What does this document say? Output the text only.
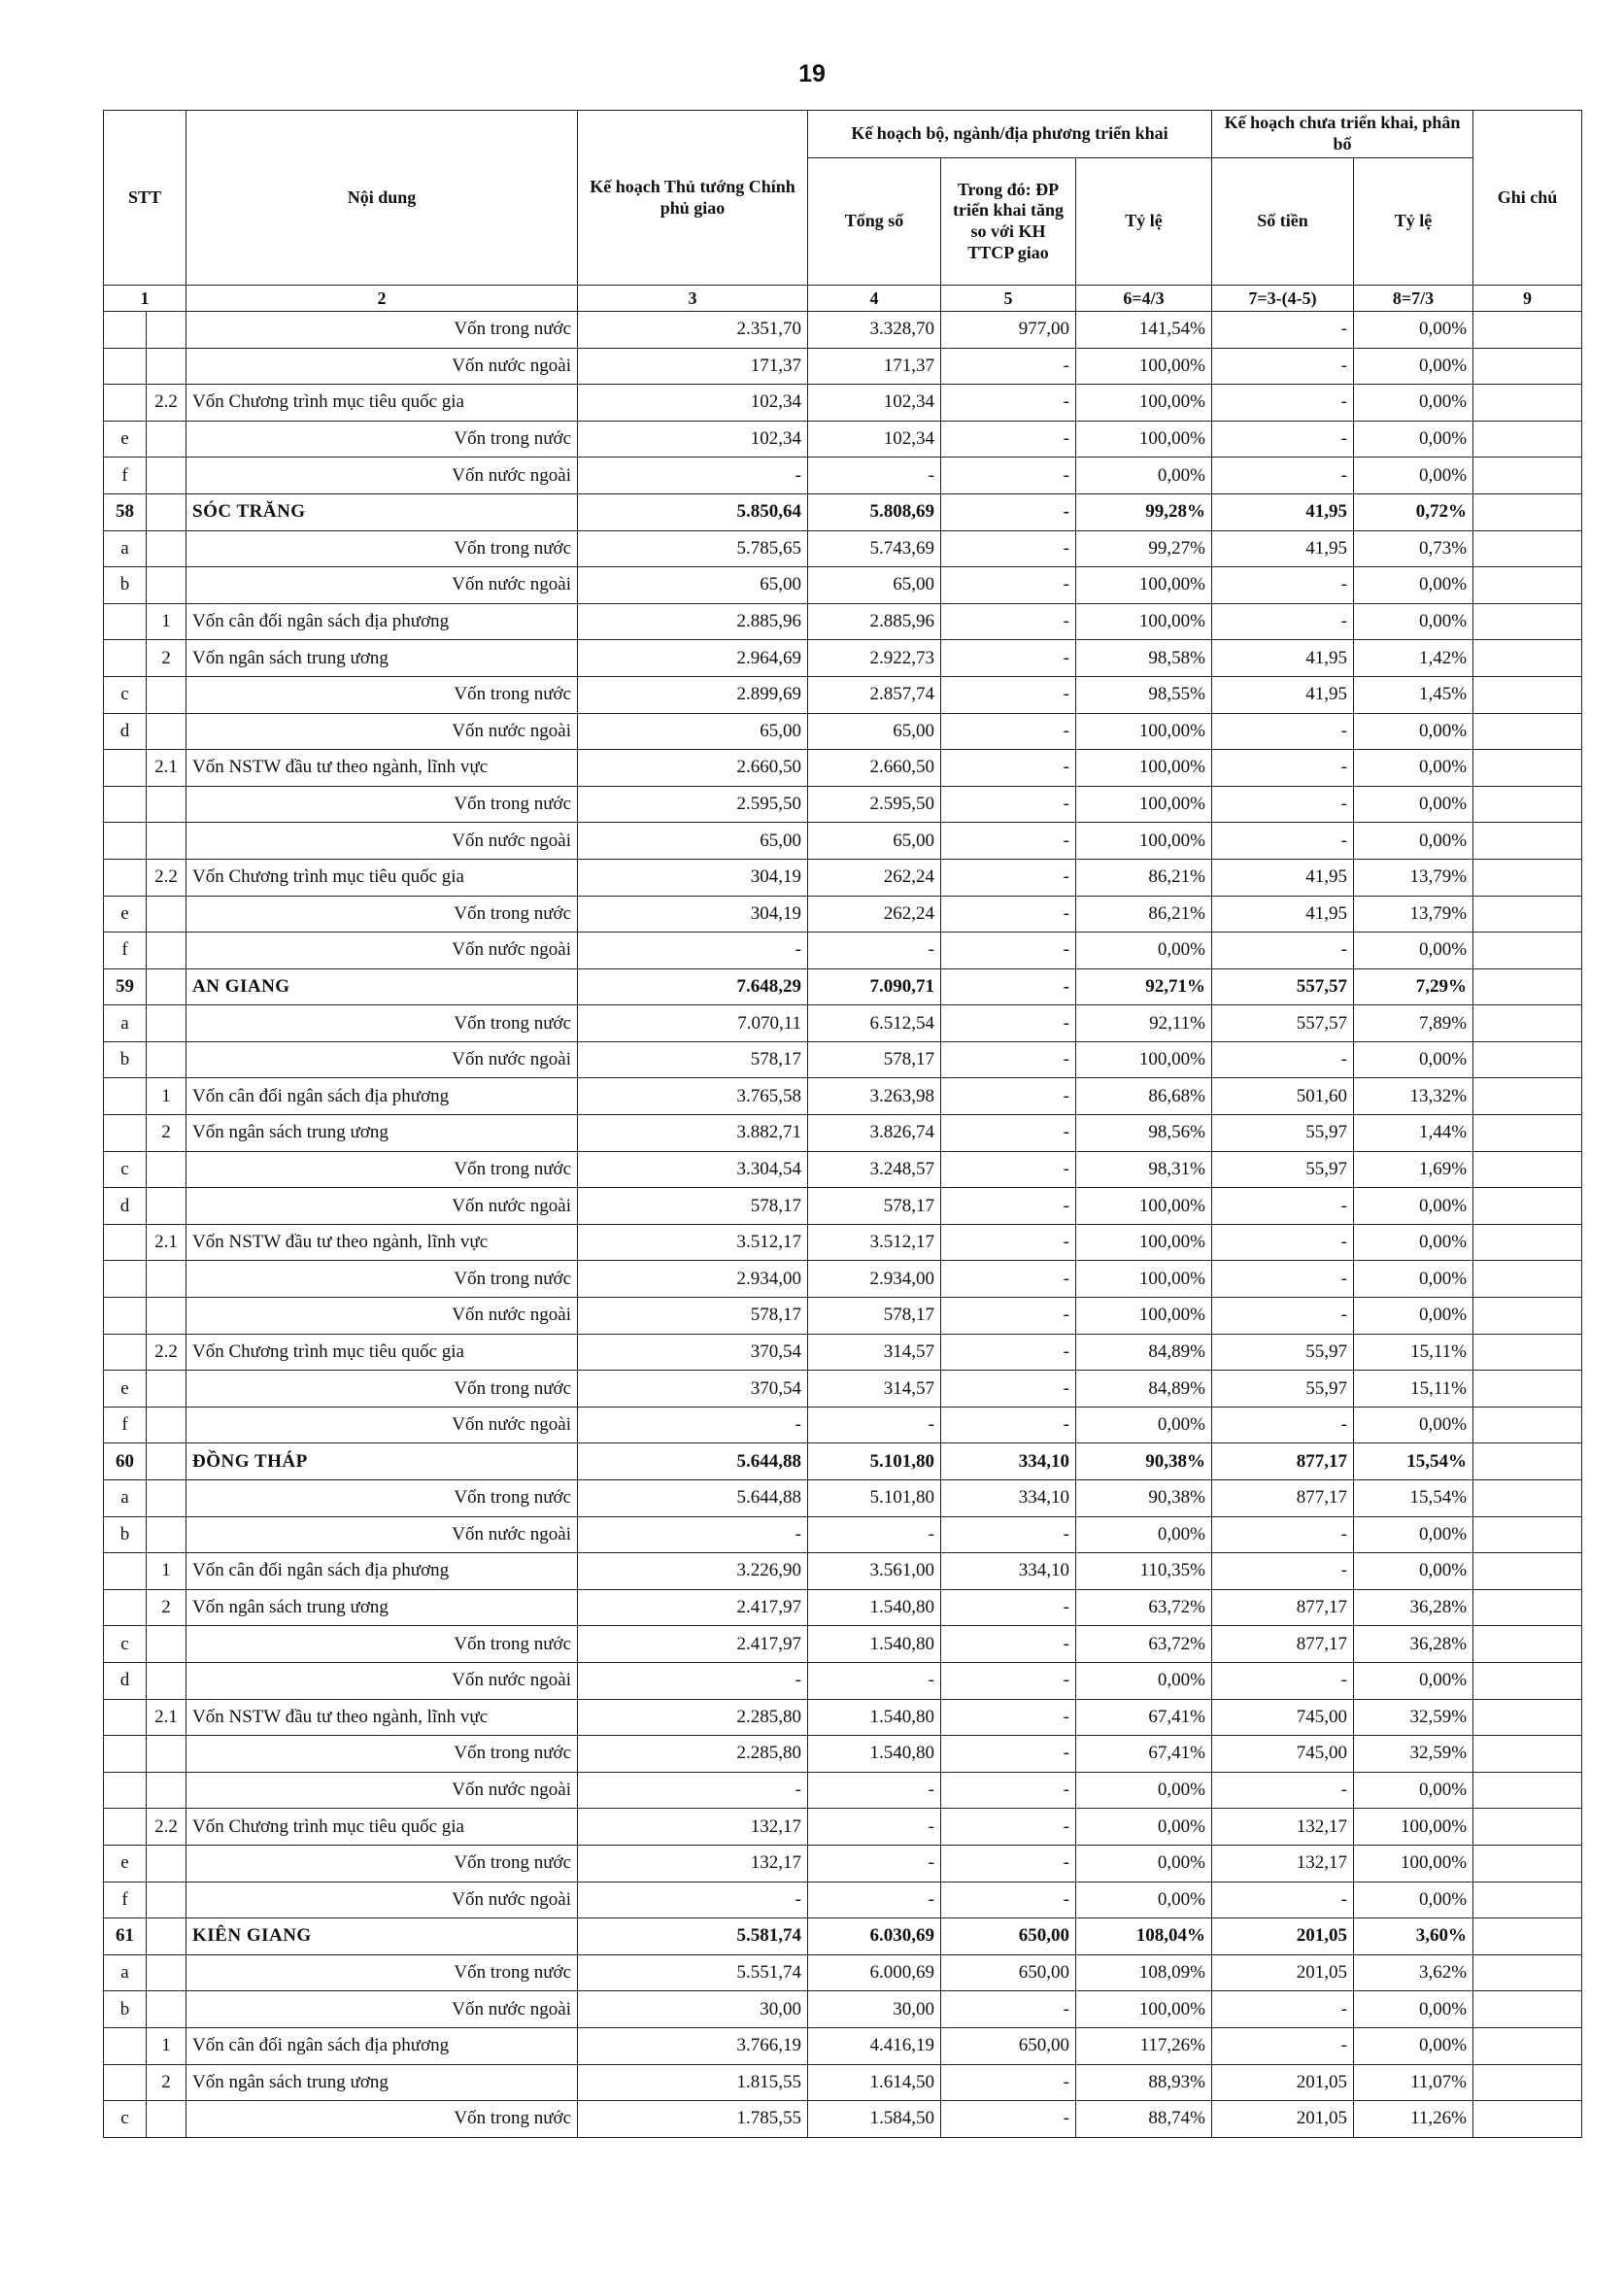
19
STT		Nội dung	Kế hoạch Thủ tướng Chính phủ giao	Kế hoạch bộ, ngành/địa phương triển khai			Kế hoạch chưa triển khai, phân bổ		Ghi chú
				Tổng số	Trong đó: ĐP triển khai tăng so với KH TTCP giao	Tỷ lệ	Số tiền	Tỷ lệ	
1		2	3	4	5	6=4/3	7=3-(4-5)	8=7/3	9
		Vốn trong nước	2.351,70	3.328,70	977,00	141,54%	-	0,00%	
		Vốn nước ngoài	171,37	171,37	-	100,00%	-	0,00%	
	2.2	Vốn Chương trình mục tiêu quốc gia	102,34	102,34	-	100,00%	-	0,00%	
e		Vốn trong nước	102,34	102,34	-	100,00%	-	0,00%	
f		Vốn nước ngoài	-	-	-	0,00%	-	0,00%	
58		SÓC TRĂNG	5.850,64	5.808,69	-	99,28%	41,95	0,72%	
a		Vốn trong nước	5.785,65	5.743,69	-	99,27%	41,95	0,73%	
b		Vốn nước ngoài	65,00	65,00	-	100,00%	-	0,00%	
	1	Vốn cân đối ngân sách địa phương	2.885,96	2.885,96	-	100,00%	-	0,00%	
	2	Vốn ngân sách trung ương	2.964,69	2.922,73	-	98,58%	41,95	1,42%	
c		Vốn trong nước	2.899,69	2.857,74	-	98,55%	41,95	1,45%	
d		Vốn nước ngoài	65,00	65,00	-	100,00%	-	0,00%	
	2.1	Vốn NSTW đầu tư theo ngành, lĩnh vực	2.660,50	2.660,50	-	100,00%	-	0,00%	
		Vốn trong nước	2.595,50	2.595,50	-	100,00%	-	0,00%	
		Vốn nước ngoài	65,00	65,00	-	100,00%	-	0,00%	
	2.2	Vốn Chương trình mục tiêu quốc gia	304,19	262,24	-	86,21%	41,95	13,79%	
e		Vốn trong nước	304,19	262,24	-	86,21%	41,95	13,79%	
f		Vốn nước ngoài	-	-	-	0,00%	-	0,00%	
59		AN GIANG	7.648,29	7.090,71	-	92,71%	557,57	7,29%	
a		Vốn trong nước	7.070,11	6.512,54	-	92,11%	557,57	7,89%	
b		Vốn nước ngoài	578,17	578,17	-	100,00%	-	0,00%	
	1	Vốn cân đối ngân sách địa phương	3.765,58	3.263,98	-	86,68%	501,60	13,32%	
	2	Vốn ngân sách trung ương	3.882,71	3.826,74	-	98,56%	55,97	1,44%	
c		Vốn trong nước	3.304,54	3.248,57	-	98,31%	55,97	1,69%	
d		Vốn nước ngoài	578,17	578,17	-	100,00%	-	0,00%	
	2.1	Vốn NSTW đầu tư theo ngành, lĩnh vực	3.512,17	3.512,17	-	100,00%	-	0,00%	
		Vốn trong nước	2.934,00	2.934,00	-	100,00%	-	0,00%	
		Vốn nước ngoài	578,17	578,17	-	100,00%	-	0,00%	
	2.2	Vốn Chương trình mục tiêu quốc gia	370,54	314,57	-	84,89%	55,97	15,11%	
e		Vốn trong nước	370,54	314,57	-	84,89%	55,97	15,11%	
f		Vốn nước ngoài	-	-	-	0,00%	-	0,00%	
60		ĐỒNG THÁP	5.644,88	5.101,80	334,10	90,38%	877,17	15,54%	
a		Vốn trong nước	5.644,88	5.101,80	334,10	90,38%	877,17	15,54%	
b		Vốn nước ngoài	-	-	-	0,00%	-	0,00%	
	1	Vốn cân đối ngân sách địa phương	3.226,90	3.561,00	334,10	110,35%	-	0,00%	
	2	Vốn ngân sách trung ương	2.417,97	1.540,80	-	63,72%	877,17	36,28%	
c		Vốn trong nước	2.417,97	1.540,80	-	63,72%	877,17	36,28%	
d		Vốn nước ngoài	-	-	-	0,00%	-	0,00%	
	2.1	Vốn NSTW đầu tư theo ngành, lĩnh vực	2.285,80	1.540,80	-	67,41%	745,00	32,59%	
		Vốn trong nước	2.285,80	1.540,80	-	67,41%	745,00	32,59%	
		Vốn nước ngoài	-	-	-	0,00%	-	0,00%	
	2.2	Vốn Chương trình mục tiêu quốc gia	132,17	-	-	0,00%	132,17	100,00%	
e		Vốn trong nước	132,17	-	-	0,00%	132,17	100,00%	
f		Vốn nước ngoài	-	-	-	0,00%	-	0,00%	
61		KIÊN GIANG	5.581,74	6.030,69	650,00	108,04%	201,05	3,60%	
a		Vốn trong nước	5.551,74	6.000,69	650,00	108,09%	201,05	3,62%	
b		Vốn nước ngoài	30,00	30,00	-	100,00%	-	0,00%	
	1	Vốn cân đối ngân sách địa phương	3.766,19	4.416,19	650,00	117,26%	-	0,00%	
	2	Vốn ngân sách trung ương	1.815,55	1.614,50	-	88,93%	201,05	11,07%	
c		Vốn trong nước	1.785,55	1.584,50	-	88,74%	201,05	11,26%	
